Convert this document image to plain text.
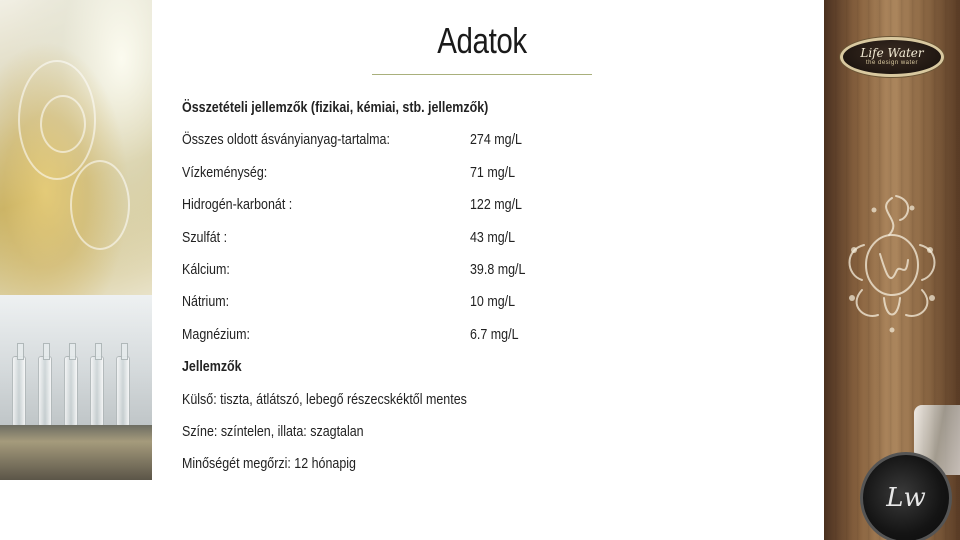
Adatok
Összetételi jellemzők (fizikai, kémiai, stb. jellemzők)
Összes oldott ásványianyag-tartalma:	274 mg/L
Vízkeménység:	71 mg/L
Hidrogén-karbonát :	122 mg/L
Szulfát :	43 mg/L
Kálcium:	39.8 mg/L
Nátrium:	10 mg/L
Magnézium:	6.7 mg/L
Jellemzők
Külső: tiszta, átlátszó, lebegő részecskéktől mentes
Színe: színtelen, illata: szagtalan
Minőségét megőrzi: 12 hónapig
Life Water
the design water
Lw
